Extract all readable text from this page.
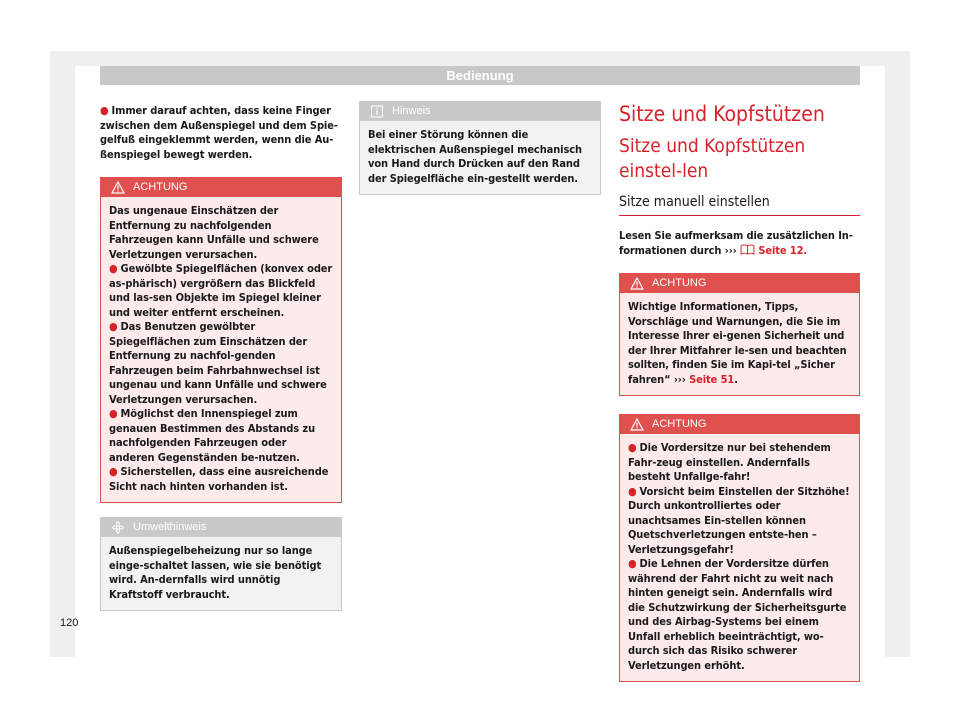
Bedienung

● Immer darauf achten, dass keine Finger zwischen dem Außenspiegel und dem Spie-gelfuß eingeklemmt werden, wenn die Au-ßenspiegel bewegt werden.

ACHTUNG

Das ungenaue Einschätzen der Entfernung zu nachfolgenden Fahrzeugen kann Unfälle und schwere Verletzungen verursachen.

● Gewölbte Spiegelflächen (konvex oder as-phärisch) vergrößern das Blickfeld und las-sen Objekte im Spiegel kleiner und weiter entfernt erscheinen.

● Das Benutzen gewölbter Spiegelflächen zum Einschätzen der Entfernung zu nachfol-genden Fahrzeugen beim Fahrbahnwechsel ist ungenau und kann Unfälle und schwere Verletzungen verursachen.

● Möglichst den Innenspiegel zum genauen Bestimmen des Abstands zu nachfolgenden Fahrzeugen oder anderen Gegenständen be-nutzen.

● Sicherstellen, dass eine ausreichende Sicht nach hinten vorhanden ist.

Umwelthinweis

Außenspiegelbeheizung nur so lange einge-schaltet lassen, wie sie benötigt wird. An-dernfalls wird unnötig Kraftstoff verbraucht.

Hinweis

Bei einer Störung können die elektrischen Außenspiegel mechanisch von Hand durch Drücken auf den Rand der Spiegelfläche ein-gestellt werden.

Sitze und Kopfstützen
Sitze und Kopfstützen einstel-len
Sitze manuell einstellen

Lesen Sie aufmerksam die zusätzlichen In-formationen durch ››› Seite 12.

ACHTUNG

Wichtige Informationen, Tipps, Vorschläge und Warnungen, die Sie im Interesse Ihrer ei-genen Sicherheit und der Ihrer Mitfahrer le-sen und beachten sollten, finden Sie im Kapi-tel „Sicher fahren“ ››› Seite 51.

ACHTUNG

● Die Vordersitze nur bei stehendem Fahr-zeug einstellen. Andernfalls besteht Unfallge-fahr!

● Vorsicht beim Einstellen der Sitzhöhe! Durch unkontrolliertes oder unachtsames Ein-stellen können Quetschverletzungen entste-hen – Verletzungsgefahr!

● Die Lehnen der Vordersitze dürfen während der Fahrt nicht zu weit nach hinten geneigt sein. Andernfalls wird die Schutzwirkung der Sicherheitsgurte und des Airbag-Systems bei einem Unfall erheblich beeinträchtigt, wo-durch sich das Risiko schwerer Verletzungen erhöht.

120
